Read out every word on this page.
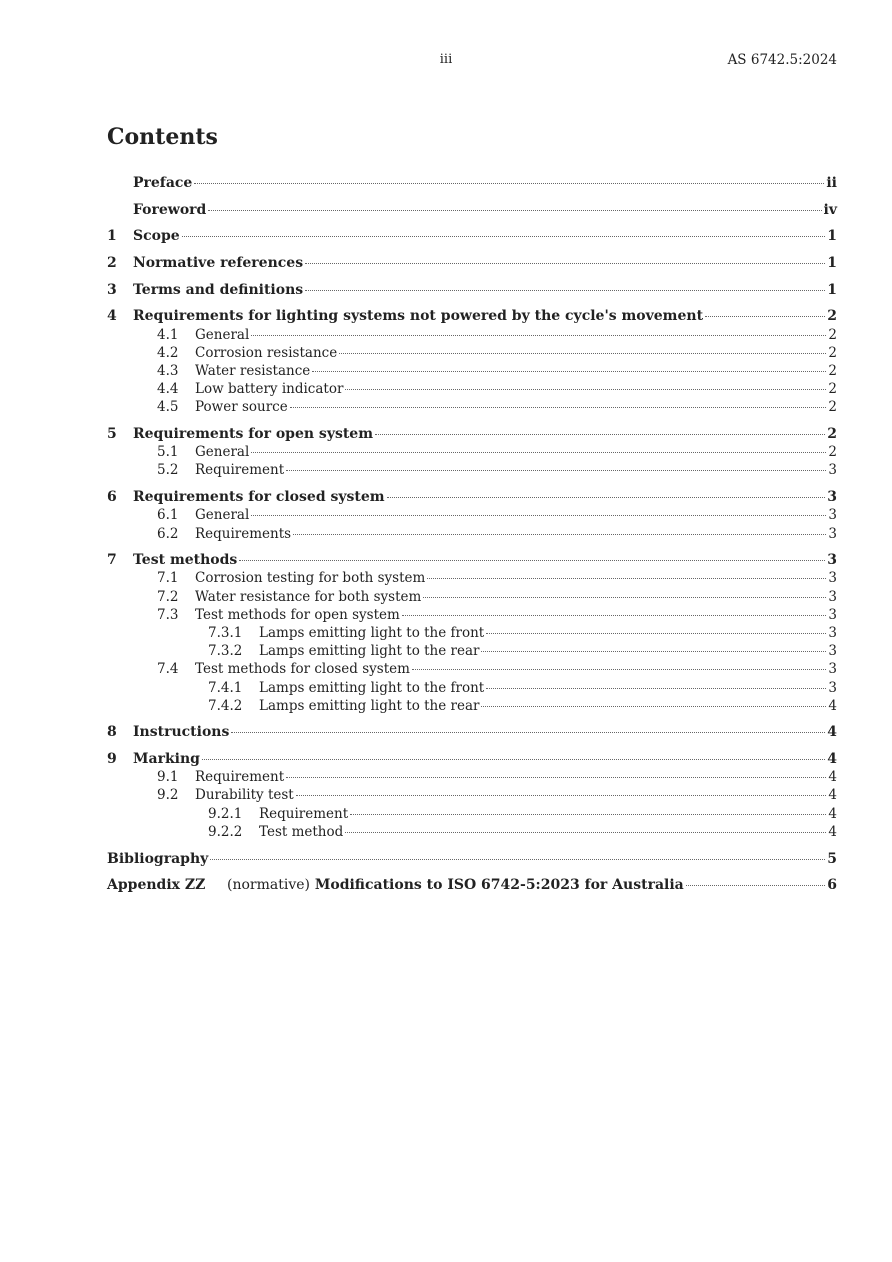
iii	AS 6742.5:2024
Contents
Preface	ii
Foreword	iv
1	Scope	1
2	Normative references	1
3	Terms and definitions	1
4	Requirements for lighting systems not powered by the cycle's movement	2
4.1	General	2
4.2	Corrosion resistance	2
4.3	Water resistance	2
4.4	Low battery indicator	2
4.5	Power source	2
5	Requirements for open system	2
5.1	General	2
5.2	Requirement	3
6	Requirements for closed system	3
6.1	General	3
6.2	Requirements	3
7	Test methods	3
7.1	Corrosion testing for both system	3
7.2	Water resistance for both system	3
7.3	Test methods for open system	3
7.3.1	Lamps emitting light to the front	3
7.3.2	Lamps emitting light to the rear	3
7.4	Test methods for closed system	3
7.4.1	Lamps emitting light to the front	3
7.4.2	Lamps emitting light to the rear	4
8	Instructions	4
9	Marking	4
9.1	Requirement	4
9.2	Durability test	4
9.2.1	Requirement	4
9.2.2	Test method	4
Bibliography	5
Appendix ZZ	(normative) Modifications to ISO 6742-5:2023 for Australia	6
